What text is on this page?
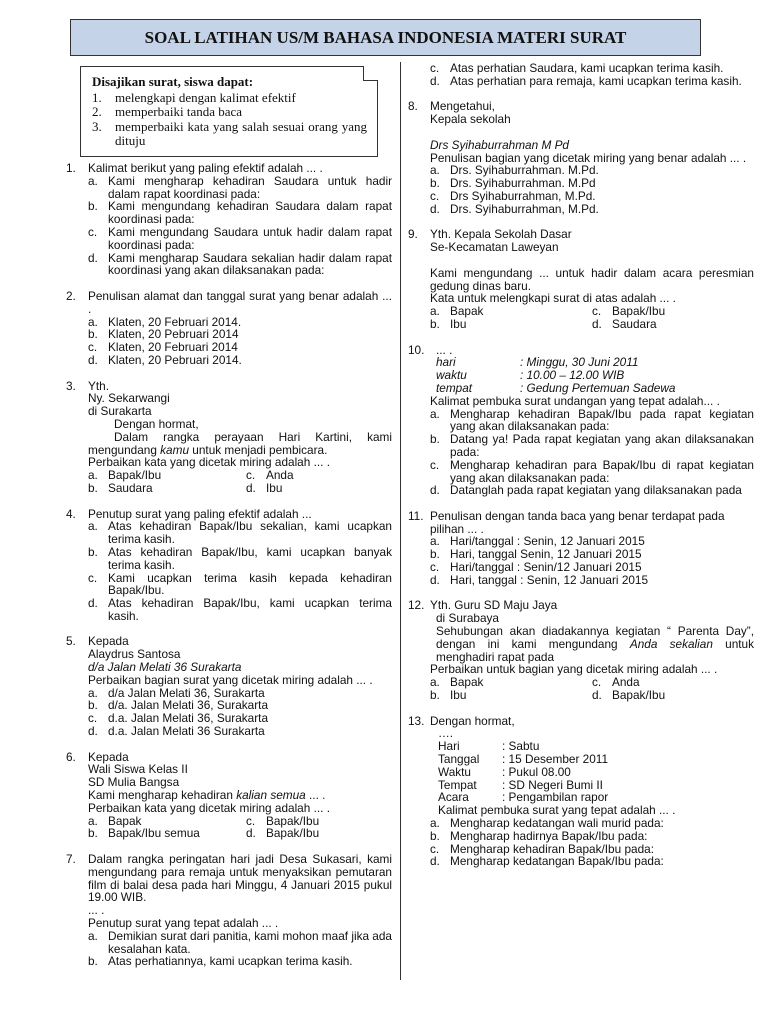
SOAL LATIHAN US/M BAHASA INDONESIA MATERI SURAT
Disajikan surat, siswa dapat:
1.	melengkapi dengan kalimat efektif
2.	memperbaiki tanda baca
3.	memperbaiki kata yang salah sesuai orang yang dituju
1.	Kalimat berikut yang paling efektif adalah ... .
a. Kami mengharap kehadiran Saudara untuk hadir dalam rapat koordinasi pada:
b. Kami mengundang kehadiran Saudara dalam rapat koordinasi pada:
c. Kami mengundang Saudara untuk hadir dalam rapat koordinasi pada:
d. Kami mengharap Saudara sekalian hadir dalam rapat koordinasi yang akan dilaksanakan pada:
2.	Penulisan alamat dan tanggal surat yang benar adalah ... .
a. Klaten, 20 Februari 2014.
b. Klaten, 20 Pebruari 2014
c. Klaten, 20 Februari 2014
d. Klaten, 20 Pebruari 2014.
3.	Yth.
Ny. Sekarwangi
di Surakarta
Dengan hormat,
Dalam rangka perayaan Hari Kartini, kami mengundang kamu untuk menjadi pembicara.
Perbaikan kata yang dicetak miring adalah ... .
a. Bapak/Ibu	c. Anda
b. Saudara	d. Ibu
4.	Penutup surat yang paling efektif adalah ...
a. Atas kehadiran Bapak/Ibu sekalian, kami ucapkan terima kasih.
b. Atas kehadiran Bapak/Ibu, kami ucapkan banyak terima kasih.
c. Kami ucapkan terima kasih kepada kehadiran Bapak/Ibu.
d. Atas kehadiran Bapak/Ibu, kami ucapkan terima kasih.
5.	Kepada
Alaydrus Santosa
d/a Jalan Melati 36 Surakarta
Perbaikan bagian surat yang dicetak miring adalah ... .
a. d/a Jalan Melati 36, Surakarta
b. d/a. Jalan Melati 36, Surakarta
c. d.a. Jalan Melati 36, Surakarta
d. d.a. Jalan Melati 36 Surakarta
6.	Kepada
Wali Siswa Kelas II
SD Mulia Bangsa
Kami mengharap kehadiran kalian semua ... .
Perbaikan kata yang dicetak miring adalah ... .
a. Bapak	c. Bapak/Ibu
b. Bapak/Ibu semua	d. Bapak/Ibu
7.	Dalam rangka peringatan hari jadi Desa Sukasari, kami mengundang para remaja untuk menyaksikan pemutaran film di balai desa pada hari Minggu, 4 Januari 2015 pukul 19.00 WIB.
... .
Penutup surat yang tepat adalah ... .
a. Demikian surat dari panitia, kami mohon maaf jika ada kesalahan kata.
b. Atas perhatiannya, kami ucapkan terima kasih.
c. Atas perhatian Saudara, kami ucapkan terima kasih.
d. Atas perhatian para remaja, kami ucapkan terima kasih.
8.	Mengetahui,
Kepala sekolah
Drs Syihaburrahman M Pd
Penulisan bagian yang dicetak miring yang benar adalah ... .
a. Drs. Syihaburrahman. M.Pd.
b. Drs. Syihaburrahman. M.Pd
c. Drs Syihaburrahman, M.Pd.
d. Drs. Syihaburrahman, M.Pd.
9.	Yth. Kepala Sekolah Dasar
Se-Kecamatan Laweyan
Kami mengundang ... untuk hadir dalam acara peresmian gedung dinas baru.
Kata untuk melengkapi surat di atas adalah ... .
a. Bapak	c. Bapak/Ibu
b. Ibu	d. Saudara
10. ... .
hari	: Minggu, 30 Juni 2011
waktu	: 10.00 – 12.00 WIB
tempat	: Gedung Pertemuan Sadewa
Kalimat pembuka surat undangan yang tepat adalah... .
a. Mengharap kehadiran Bapak/Ibu pada rapat kegiatan yang akan dilaksanakan pada:
b. Datang ya! Pada rapat kegiatan yang akan dilaksanakan pada:
c. Mengharap kehadiran para Bapak/Ibu di rapat kegiatan yang akan dilaksanakan pada:
d. Datanglah pada rapat kegiatan yang dilaksanakan pada
11. Penulisan dengan tanda baca yang benar terdapat pada pilihan ... .
a. Hari/tanggal : Senin, 12 Januari 2015
b. Hari, tanggal Senin, 12 Januari 2015
c. Hari/tanggal : Senin/12 Januari 2015
d. Hari, tanggal : Senin, 12 Januari 2015
12. Yth. Guru SD Maju Jaya
di Surabaya
Sehubungan akan diadakannya kegiatan “ Parenta Day”, dengan ini kami mengundang Anda sekalian untuk menghadiri rapat pada
Perbaikan untuk bagian yang dicetak miring adalah ... .
a. Bapak	c. Anda
b. Ibu	d. Bapak/Ibu
13. Dengan hormat,
….
Hari	: Sabtu
Tanggal	: 15 Desember 2011
Waktu	: Pukul 08.00
Tempat	: SD Negeri Bumi II
Acara	: Pengambilan rapor
Kalimat pembuka surat yang tepat adalah ... .
a. Mengharap kedatangan wali murid pada:
b. Mengharap hadirnya Bapak/Ibu pada:
c. Mengharap kehadiran Bapak/Ibu pada:
d. Mengharap kedatangan Bapak/Ibu pada:
